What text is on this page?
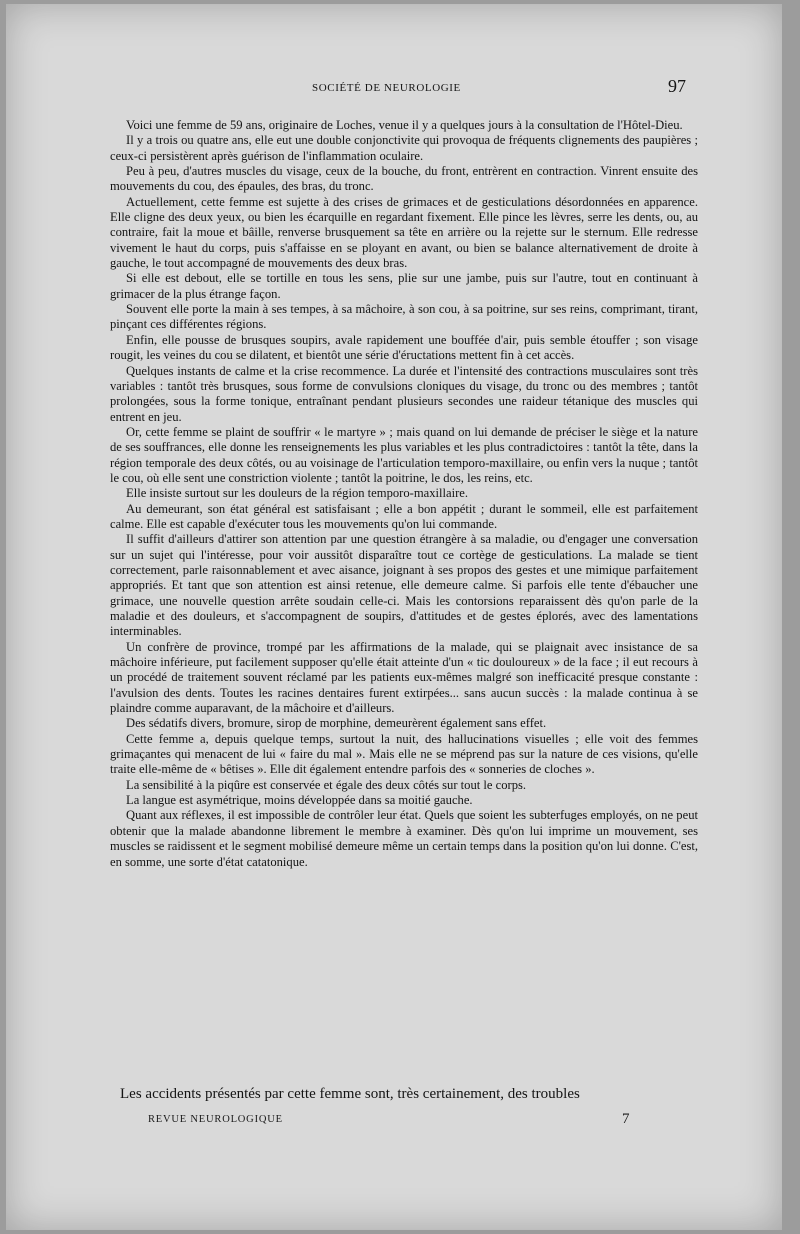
SOCIÉTÉ DE NEUROLOGIE	97

Voici une femme de 59 ans, originaire de Loches, venue il y a quelques jours à la consultation de l'Hôtel-Dieu.

Il y a trois ou quatre ans, elle eut une double conjonctivite qui provoqua de fréquents clignements des paupières ; ceux-ci persistèrent après guérison de l'inflammation oculaire.

Peu à peu, d'autres muscles du visage, ceux de la bouche, du front, entrèrent en contraction. Vinrent ensuite des mouvements du cou, des épaules, des bras, du tronc.

Actuellement, cette femme est sujette à des crises de grimaces et de gesticulations désordonnées en apparence. Elle cligne des deux yeux, ou bien les écarquille en regardant fixement. Elle pince les lèvres, serre les dents, ou, au contraire, fait la moue et bâille, renverse brusquement sa tête en arrière ou la rejette sur le sternum. Elle redresse vivement le haut du corps, puis s'affaisse en se ployant en avant, ou bien se balance alternativement de droite à gauche, le tout accompagné de mouvements des deux bras.

Si elle est debout, elle se tortille en tous les sens, plie sur une jambe, puis sur l'autre, tout en continuant à grimacer de la plus étrange façon.

Souvent elle porte la main à ses tempes, à sa mâchoire, à son cou, à sa poitrine, sur ses reins, comprimant, tirant, pinçant ces différentes régions.

Enfin, elle pousse de brusques soupirs, avale rapidement une bouffée d'air, puis semble étouffer ; son visage rougit, les veines du cou se dilatent, et bientôt une série d'éructations mettent fin à cet accès.

Quelques instants de calme et la crise recommence. La durée et l'intensité des contractions musculaires sont très variables : tantôt très brusques, sous forme de convulsions cloniques du visage, du tronc ou des membres ; tantôt prolongées, sous la forme tonique, entraînant pendant plusieurs secondes une raideur tétanique des muscles qui entrent en jeu.

Or, cette femme se plaint de souffrir « le martyre » ; mais quand on lui demande de préciser le siège et la nature de ses souffrances, elle donne les renseignements les plus variables et les plus contradictoires : tantôt la tête, dans la région temporale des deux côtés, ou au voisinage de l'articulation temporo-maxillaire, ou enfin vers la nuque ; tantôt le cou, où elle sent une constriction violente ; tantôt la poitrine, le dos, les reins, etc.

Elle insiste surtout sur les douleurs de la région temporo-maxillaire.

Au demeurant, son état général est satisfaisant ; elle a bon appétit ; durant le sommeil, elle est parfaitement calme. Elle est capable d'exécuter tous les mouvements qu'on lui commande.

Il suffit d'ailleurs d'attirer son attention par une question étrangère à sa maladie, ou d'engager une conversation sur un sujet qui l'intéresse, pour voir aussitôt disparaître tout ce cortège de gesticulations. La malade se tient correctement, parle raisonnablement et avec aisance, joignant à ses propos des gestes et une mimique parfaitement appropriés. Et tant que son attention est ainsi retenue, elle demeure calme. Si parfois elle tente d'ébaucher une grimace, une nouvelle question arrête soudain celle-ci. Mais les contorsions reparaissent dès qu'on parle de la maladie et des douleurs, et s'accompagnent de soupirs, d'attitudes et de gestes éplorés, avec des lamentations interminables.

Un confrère de province, trompé par les affirmations de la malade, qui se plaignait avec insistance de sa mâchoire inférieure, put facilement supposer qu'elle était atteinte d'un « tic douloureux » de la face ; il eut recours à un procédé de traitement souvent réclamé par les patients eux-mêmes malgré son inefficacité presque constante : l'avulsion des dents. Toutes les racines dentaires furent extirpées... sans aucun succès : la malade continua à se plaindre comme auparavant, de la mâchoire et d'ailleurs.

Des sédatifs divers, bromure, sirop de morphine, demeurèrent également sans effet.

Cette femme a, depuis quelque temps, surtout la nuit, des hallucinations visuelles ; elle voit des femmes grimaçantes qui menacent de lui « faire du mal ». Mais elle ne se méprend pas sur la nature de ces visions, qu'elle traite elle-même de « bêtises ». Elle dit également entendre parfois des « sonneries de cloches ».

La sensibilité à la piqûre est conservée et égale des deux côtés sur tout le corps.

La langue est asymétrique, moins développée dans sa moitié gauche.

Quant aux réflexes, il est impossible de contrôler leur état. Quels que soient les subterfuges employés, on ne peut obtenir que la malade abandonne librement le membre à examiner. Dès qu'on lui imprime un mouvement, ses muscles se raidissent et le segment mobilisé demeure même un certain temps dans la position qu'on lui donne. C'est, en somme, une sorte d'état catatonique.

Les accidents présentés par cette femme sont, très certainement, des troubles
REVUE NEUROLOGIQUE	7
